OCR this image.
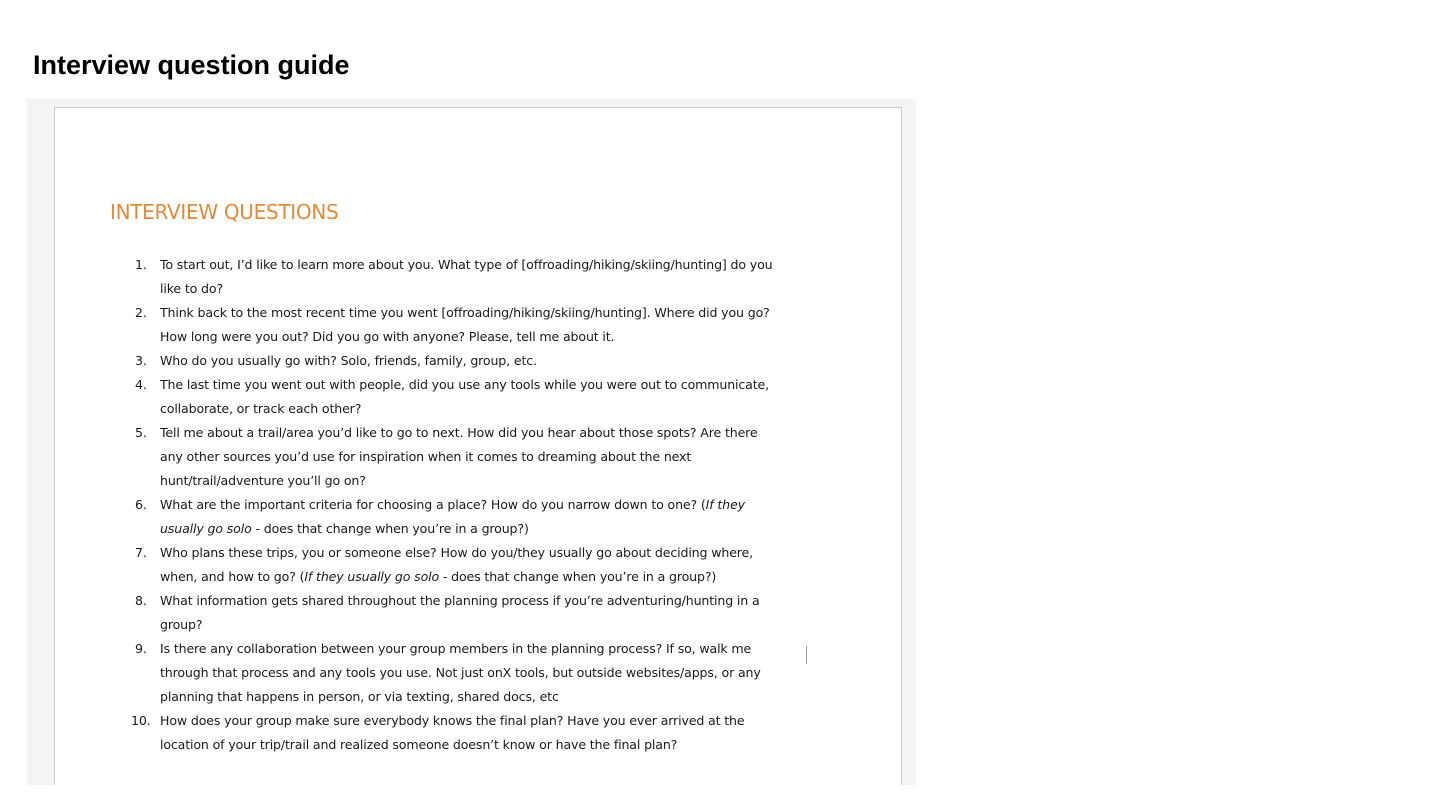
Interview question guide
INTERVIEW QUESTIONS
1.	To start out, I’d like to learn more about you. What type of [offroading/hiking/skiing/hunting] do you like to do?
2.	Think back to the most recent time you went [offroading/hiking/skiing/hunting]. Where did you go? How long were you out? Did you go with anyone? Please, tell me about it.
3.	Who do you usually go with? Solo, friends, family, group, etc.
4.	The last time you went out with people, did you use any tools while you were out to communicate, collaborate, or track each other?
5.	Tell me about a trail/area you’d like to go to next. How did you hear about those spots? Are there any other sources you’d use for inspiration when it comes to dreaming about the next hunt/trail/adventure you’ll go on?
6.	What are the important criteria for choosing a place? How do you narrow down to one? (If they usually go solo - does that change when you’re in a group?)
7.	Who plans these trips, you or someone else? How do you/they usually go about deciding where, when, and how to go? (If they usually go solo - does that change when you’re in a group?)
8.	What information gets shared throughout the planning process if you’re adventuring/hunting in a group?
9.	Is there any collaboration between your group members in the planning process? If so, walk me through that process and any tools you use. Not just onX tools, but outside websites/apps, or any planning that happens in person, or via texting, shared docs, etc
10. How does your group make sure everybody knows the final plan? Have you ever arrived at the location of your trip/trail and realized someone doesn’t know or have the final plan?
